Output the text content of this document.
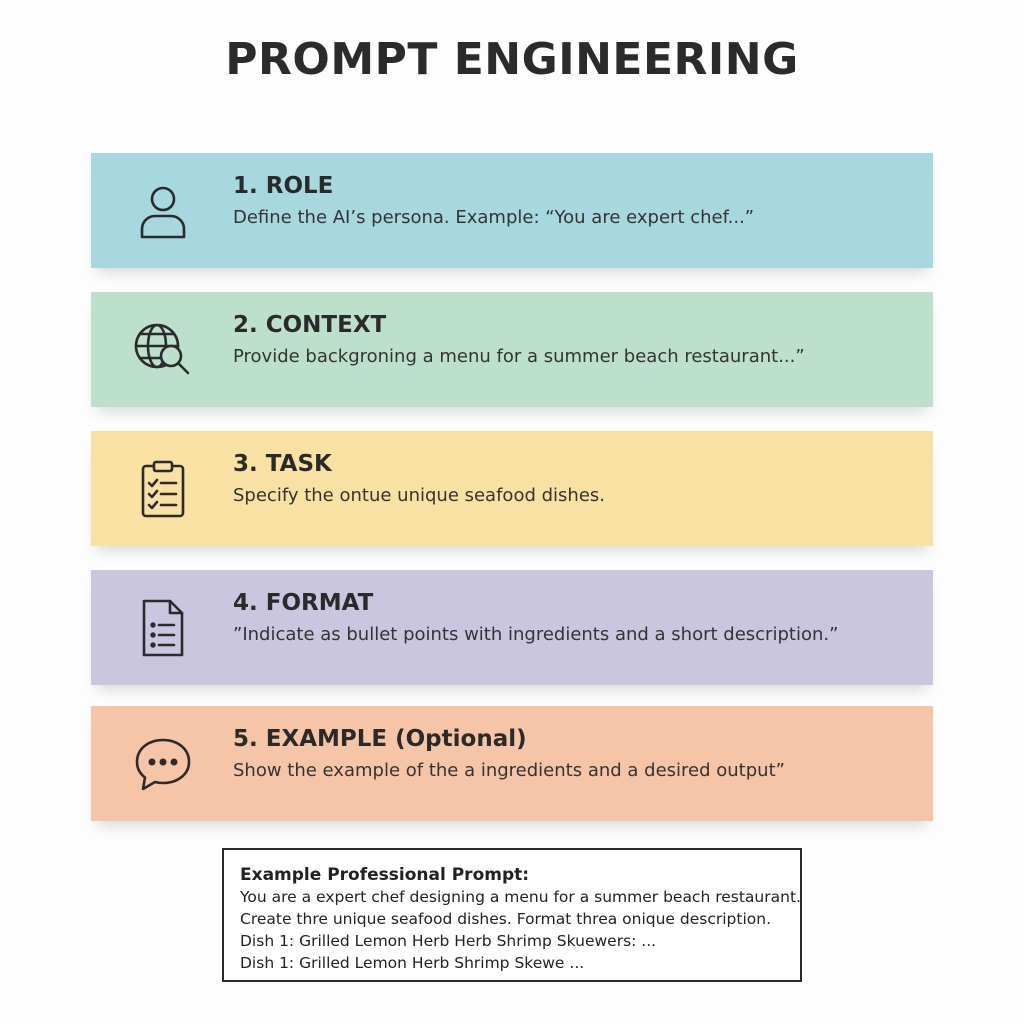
PROMPT ENGINEERING
1. ROLE
Define the AI’s persona. Example: “You are expert chef...”
2. CONTEXT
Provide backgroning a menu for a summer beach restaurant...”
3. TASK
Specify the ontue unique seafood dishes.
4. FORMAT
”Indicate as bullet points with ingredients and a short description.”
5. EXAMPLE (Optional)
Show the example of the a ingredients and a desired output”
Example Professional Prompt:
You are a expert chef designing a menu for a summer beach restaurant.
Create thre unique seafood dishes. Format threa onique description.
Dish 1: Grilled Lemon Herb Herb Shrimp Skuewers: ...
Dish 1: Grilled Lemon Herb Shrimp Skewe ...
